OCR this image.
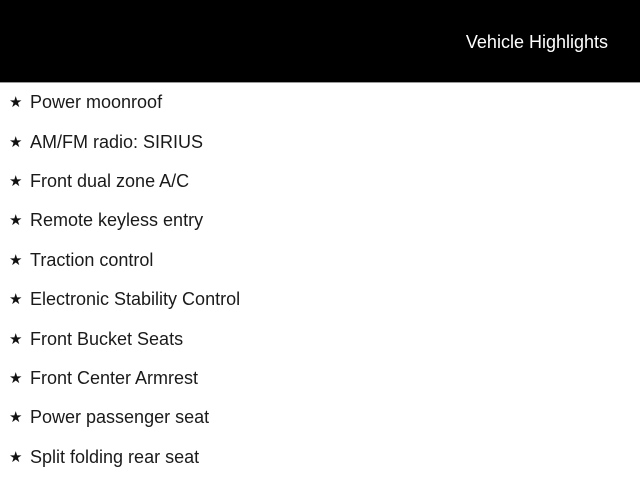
Vehicle Highlights
★ Power moonroof
★ AM/FM radio: SIRIUS
★ Front dual zone A/C
★ Remote keyless entry
★ Traction control
★ Electronic Stability Control
★ Front Bucket Seats
★ Front Center Armrest
★ Power passenger seat
★ Split folding rear seat
